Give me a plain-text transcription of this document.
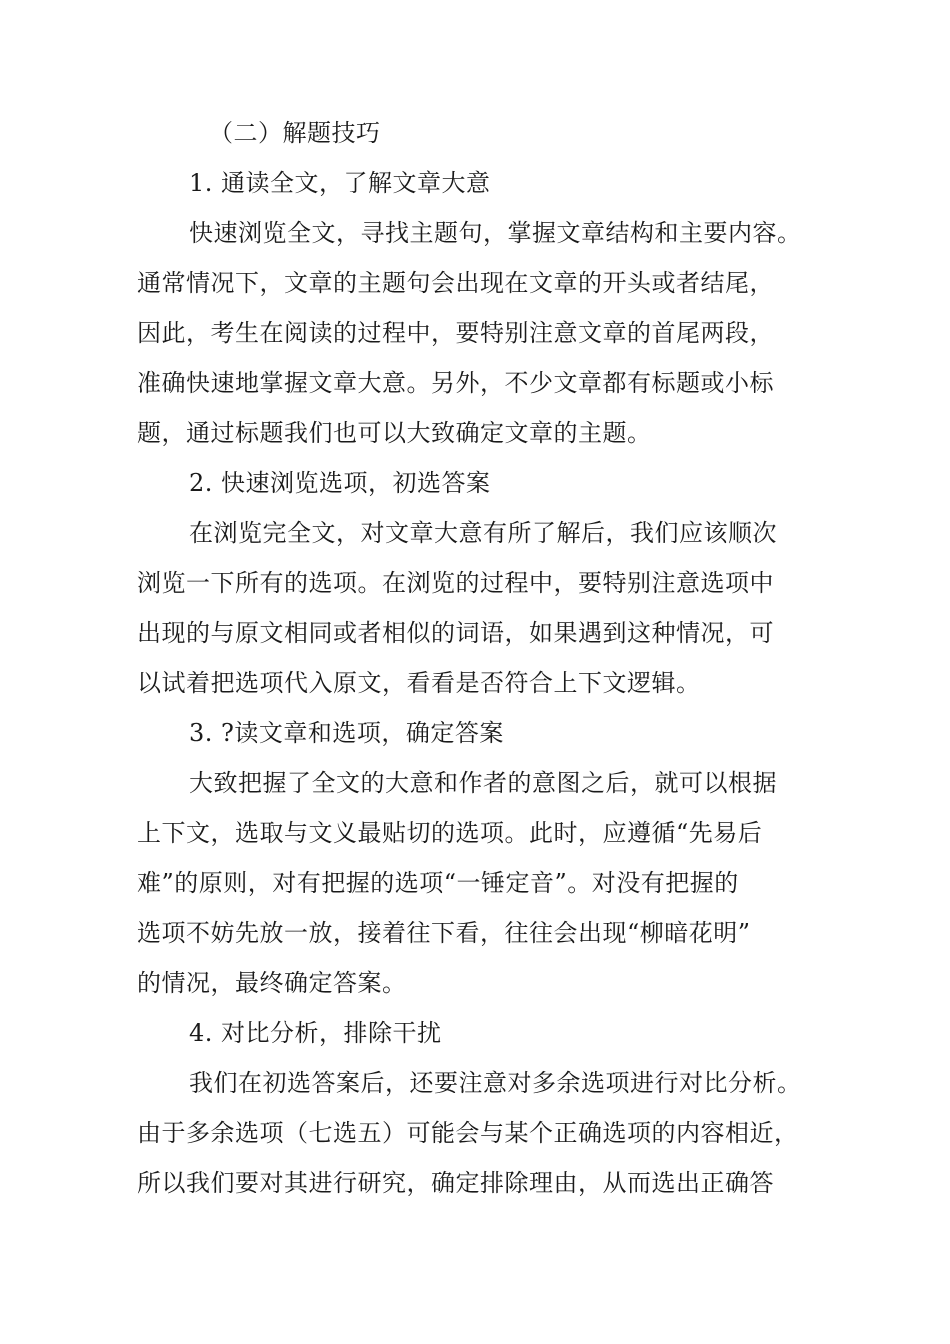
（二）解题技巧
1. 通读全文，了解文章大意
快速浏览全文，寻找主题句，掌握文章结构和主要内容。
通常情况下，文章的主题句会出现在文章的开头或者结尾，
因此，考生在阅读的过程中，要特别注意文章的首尾两段，
准确快速地掌握文章大意。另外，不少文章都有标题或小标
题，通过标题我们也可以大致确定文章的主题。
2. 快速浏览选项，初选答案
在浏览完全文，对文章大意有所了解后，我们应该顺次
浏览一下所有的选项。在浏览的过程中，要特别注意选项中
出现的与原文相同或者相似的词语，如果遇到这种情况，可
以试着把选项代入原文，看看是否符合上下文逻辑。
3. ?读文章和选项，确定答案
大致把握了全文的大意和作者的意图之后，就可以根据
上下文，选取与文义最贴切的选项。此时，应遵循“先易后
难”的原则，对有把握的选项“一锤定音”。对没有把握的
选项不妨先放一放，接着往下看，往往会出现“柳暗花明”
的情况，最终确定答案。
4. 对比分析，排除干扰
我们在初选答案后，还要注意对多余选项进行对比分析。
由于多余选项（七选五）可能会与某个正确选项的内容相近，
所以我们要对其进行研究，确定排除理由，从而选出正确答
